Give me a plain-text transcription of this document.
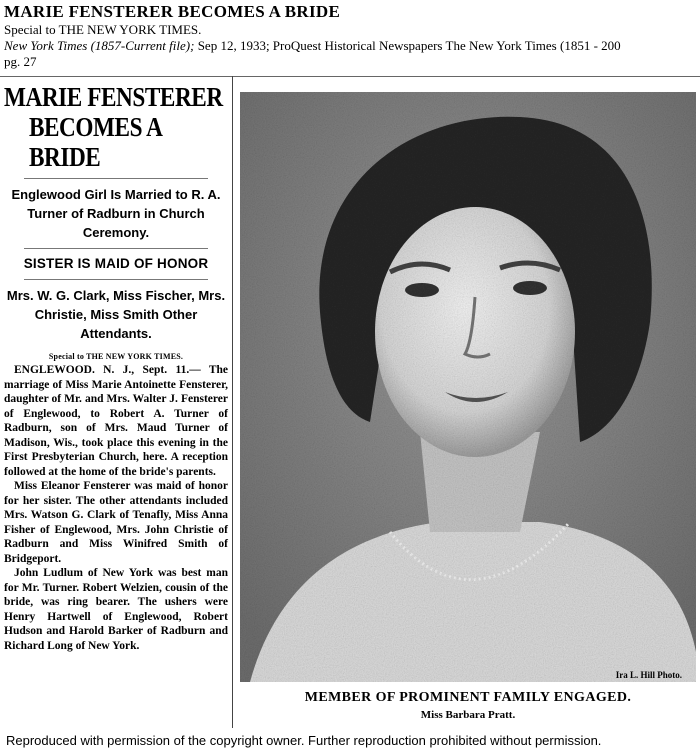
MARIE FENSTERER BECOMES A BRIDE
Special to THE NEW YORK TIMES.
New York Times (1857-Current file); Sep 12, 1933; ProQuest Historical Newspapers The New York Times (1851 - 200
pg. 27
MARIE FENSTERER
BECOMES A BRIDE
Englewood Girl Is Married to R. A. Turner of Radburn in Church Ceremony.
SISTER IS MAID OF HONOR
Mrs. W. G. Clark, Miss Fischer, Mrs. Christie, Miss Smith Other Attendants.
Special to THE NEW YORK TIMES.

ENGLEWOOD. N. J., Sept. 11.— The marriage of Miss Marie Antoinette Fensterer, daughter of Mr. and Mrs. Walter J. Fensterer of Englewood, to Robert A. Turner of Radburn, son of Mrs. Maud Turner of Madison, Wis., took place this evening in the First Presbyterian Church, here. A reception followed at the home of the bride's parents.

Miss Eleanor Fensterer was maid of honor for her sister. The other attendants included Mrs. Watson G. Clark of Tenafly, Miss Anna Fisher of Englewood, Mrs. John Christie of Radburn and Miss Winifred Smith of Bridgeport.

John Ludlum of New York was best man for Mr. Turner. Robert Welzien, cousin of the bride, was ring bearer. The ushers were Henry Hartwell of Englewood, Robert Hudson and Harold Barker of Radburn and Richard Long of New York.

Ira L. Hill Photo.
MEMBER OF PROMINENT FAMILY ENGAGED.
Miss Barbara Pratt.
Reproduced with permission of the copyright owner. Further reproduction prohibited without permission.
